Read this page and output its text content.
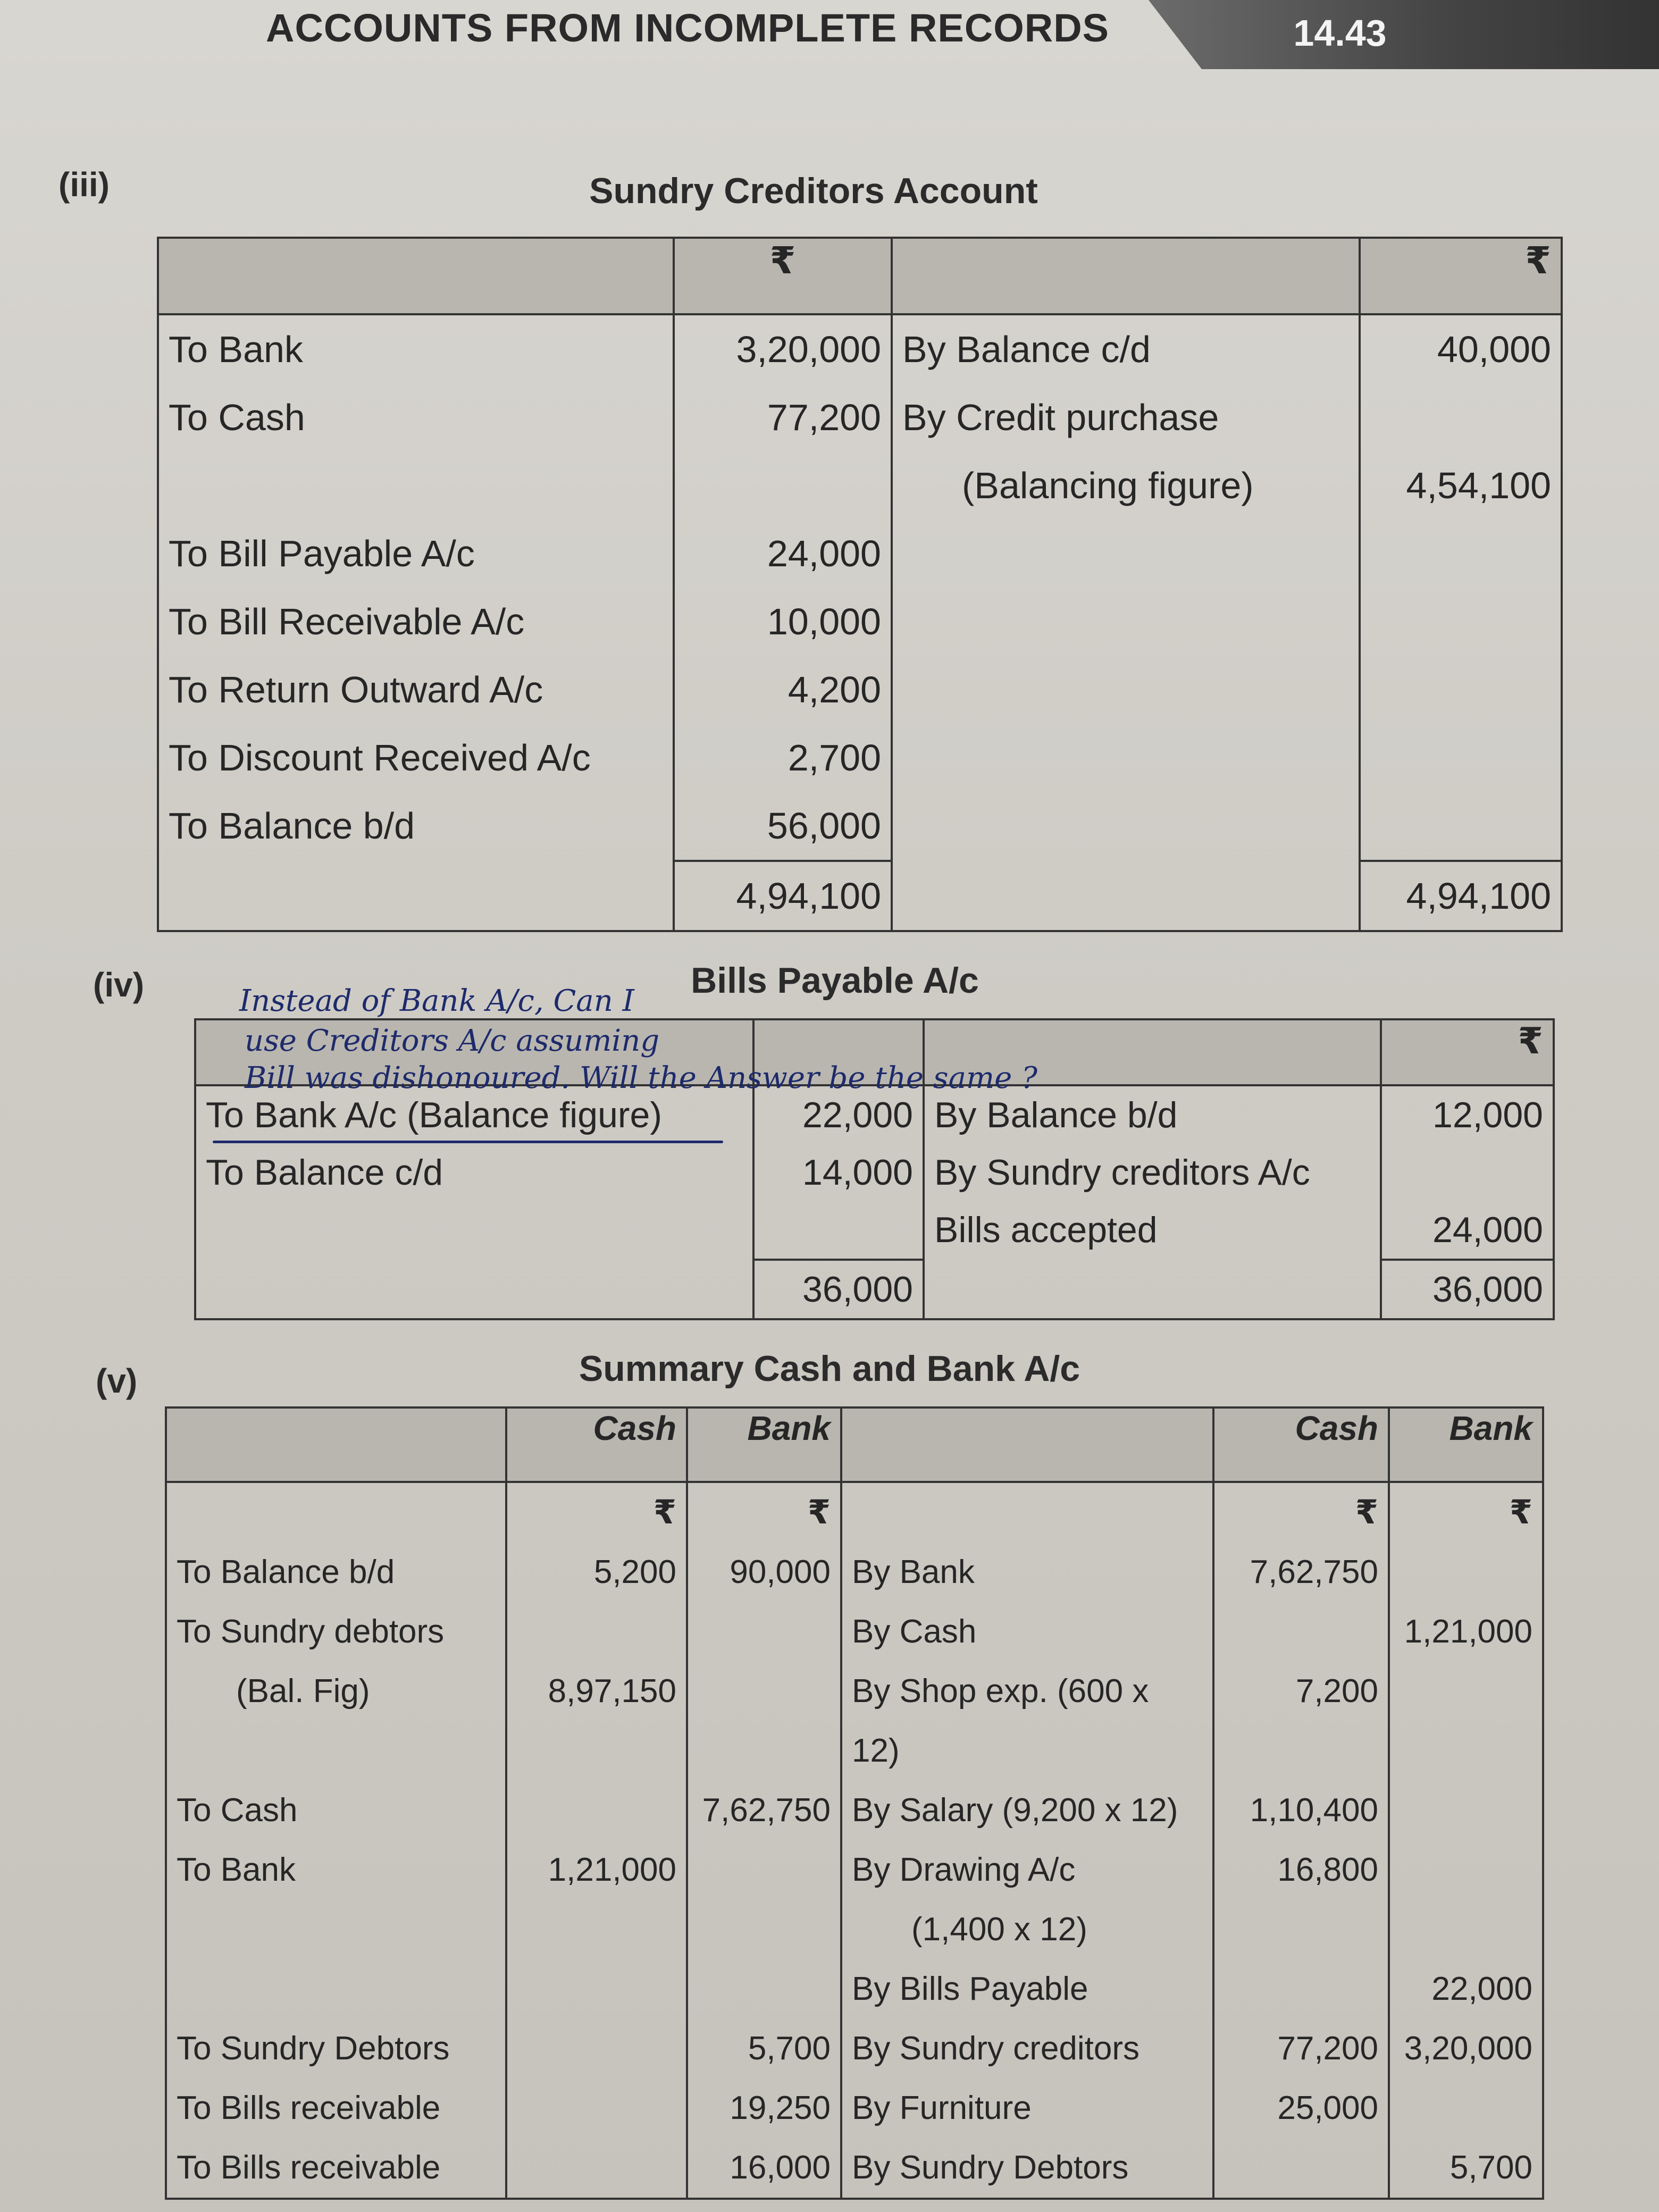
ACCOUNTS FROM INCOMPLETE RECORDS	14.43
(iii)	Sundry Creditors Account
	₹		₹
To Bank	3,20,000	By Balance c/d	40,000
To Cash	77,200	By Credit purchase	
		(Balancing figure)	4,54,100
To Bill Payable A/c	24,000		
To Bill Receivable A/c	10,000		
To Return Outward A/c	4,200		
To Discount Received A/c	2,700		
To Balance b/d	56,000		
	4,94,100		4,94,100
(iv)	Bills Payable A/c
			₹
To Bank A/c (Balance figure)	22,000	By Balance b/d	12,000
To Balance c/d	14,000	By Sundry creditors A/c	
		Bills accepted	24,000
	36,000		36,000
Instead of Bank A/c, Can I
use Creditors A/c assuming
Bill was dishonoured. Will the Answer be the same ?
(v)	Summary Cash and Bank A/c
	Cash	Bank		Cash	Bank
	₹	₹		₹	₹
To Balance b/d	5,200	90,000	By Bank	7,62,750	
To Sundry debtors			By Cash		1,21,000
(Bal. Fig)	8,97,150		By Shop exp. (600 x 12)	7,200	
To Cash		7,62,750	By Salary (9,200 x 12)	1,10,400	
To Bank	1,21,000		By Drawing A/c	16,800	
			(1,400 x 12)		
			By Bills Payable		22,000
To Sundry Debtors		5,700	By Sundry creditors	77,200	3,20,000
To Bills receivable		19,250	By Furniture	25,000	
To Bills receivable		16,000	By Sundry Debtors		5,700
